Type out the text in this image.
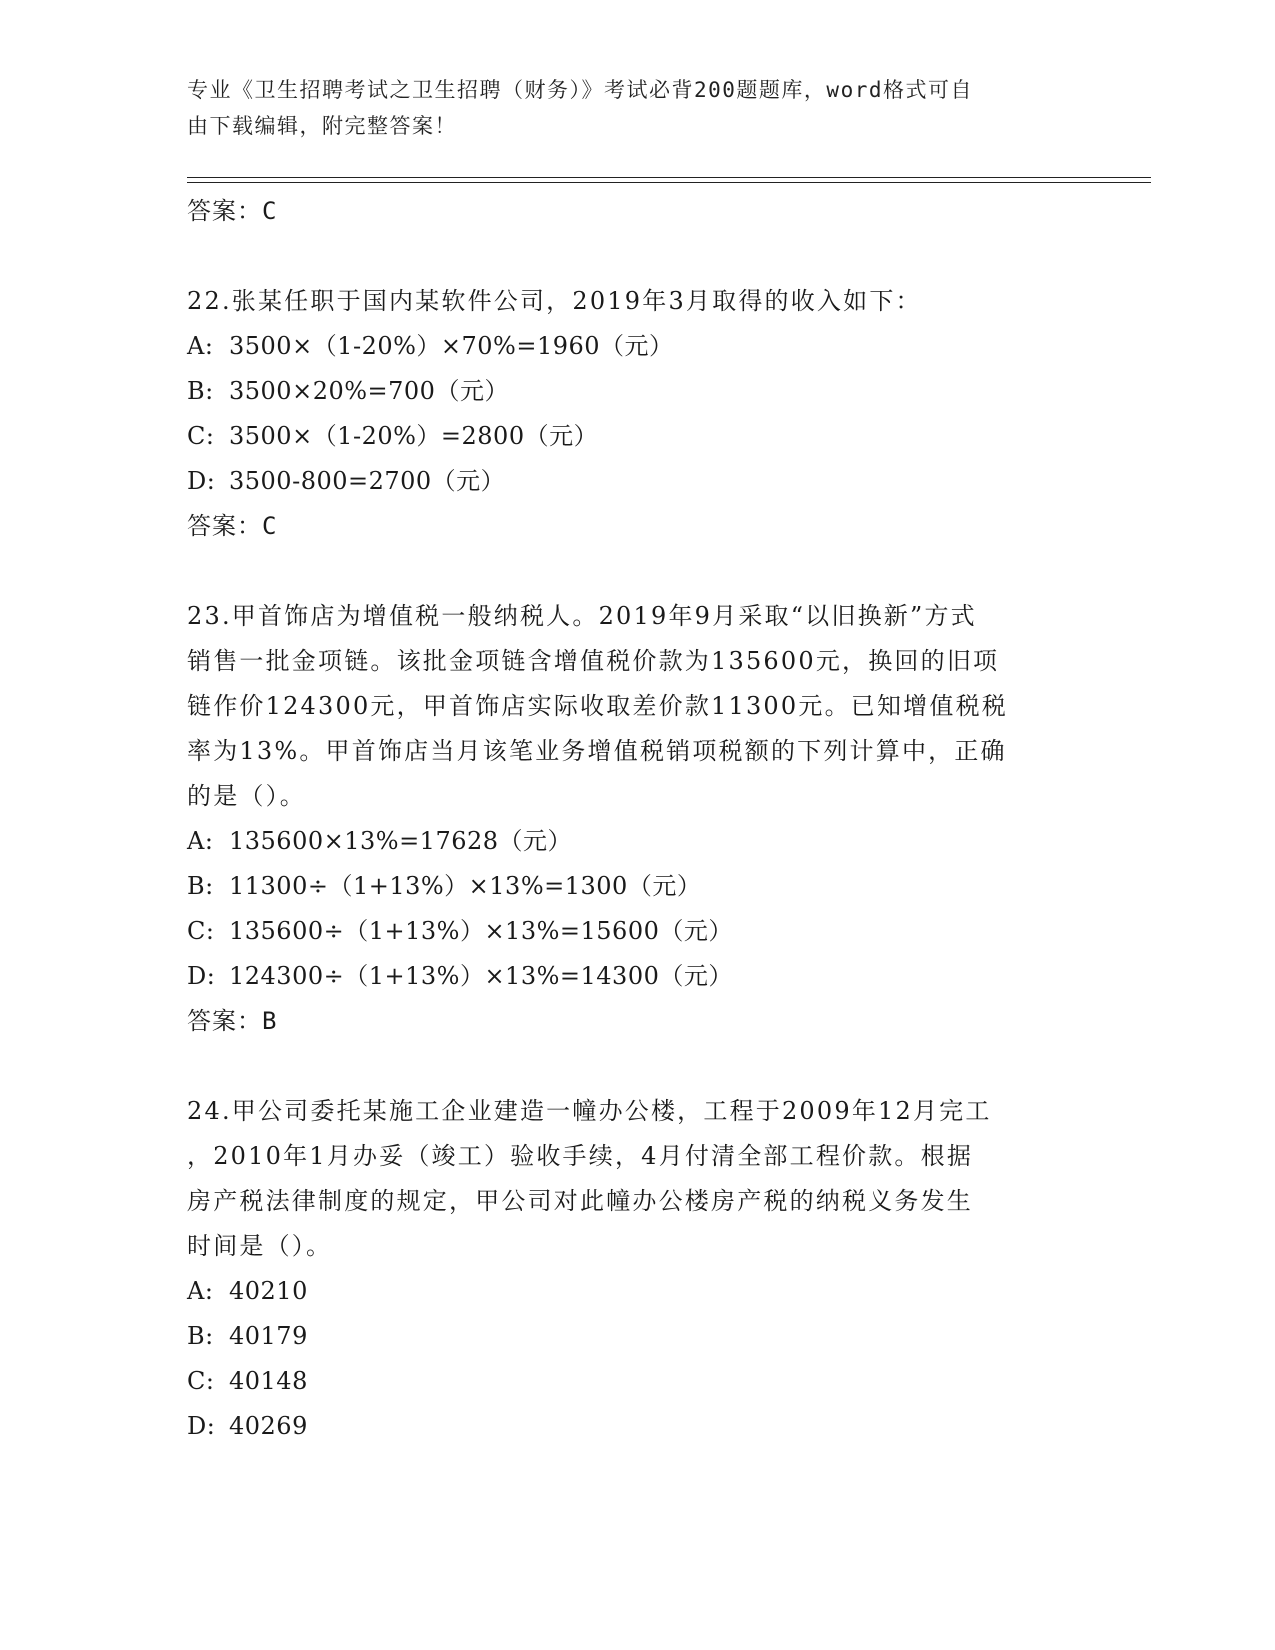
专业《卫生招聘考试之卫生招聘（财务）》考试必背200题题库，word格式可自
由下载编辑，附完整答案！

答案：C

22.张某任职于国内某软件公司，2019年3月取得的收入如下：

A: 3500×（1-20%）×70%=1960（元）

B: 3500×20%=700（元）

C: 3500×（1-20%）=2800（元）

D: 3500-800=2700（元）

答案：C

23.甲首饰店为增值税一般纳税人。2019年9月采取“以旧换新”方式

销售一批金项链。该批金项链含增值税价款为135600元，换回的旧项

链作价124300元，甲首饰店实际收取差价款11300元。已知增值税税

率为13%。甲首饰店当月该笔业务增值税销项税额的下列计算中，正确

的是（）。

A: 135600×13%=17628（元）

B: 11300÷（1+13%）×13%=1300（元）

C: 135600÷（1+13%）×13%=15600（元）

D: 124300÷（1+13%）×13%=14300（元）

答案：B

24.甲公司委托某施工企业建造一幢办公楼，工程于2009年12月完工

，2010年1月办妥（竣工）验收手续，4月付清全部工程价款。根据

房产税法律制度的规定，甲公司对此幢办公楼房产税的纳税义务发生

时间是（）。

A: 40210

B: 40179

C: 40148

D: 40269
